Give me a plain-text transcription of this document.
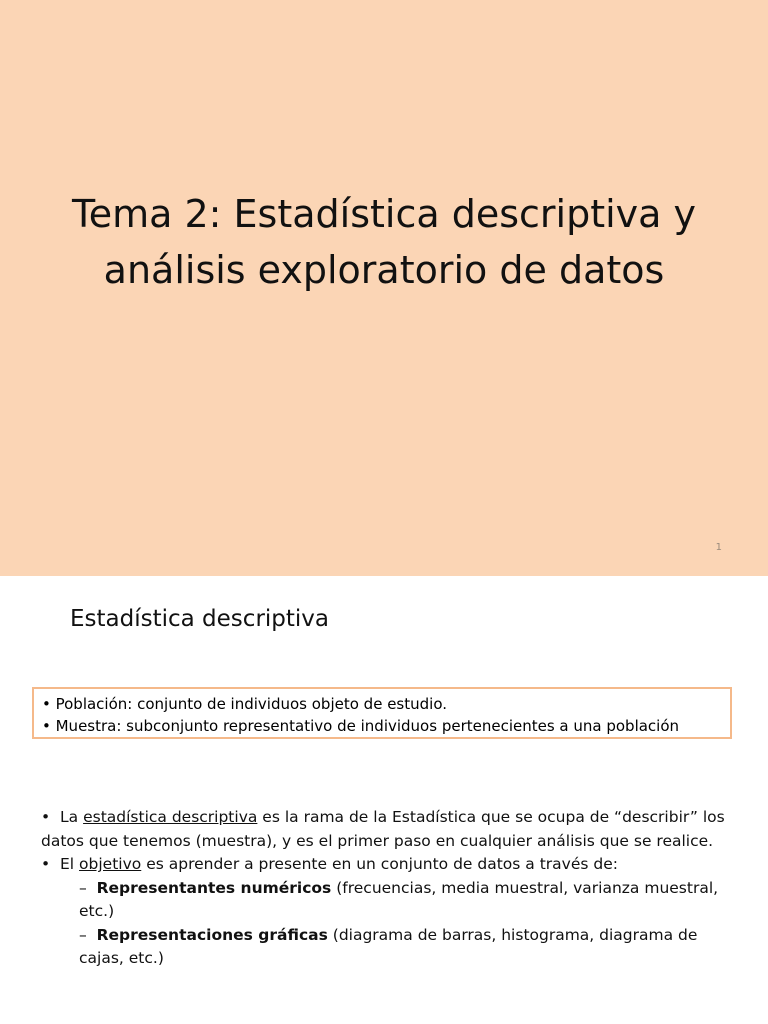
Tema 2: Estadística descriptiva y
análisis exploratorio de datos
1
Estadística descriptiva
• Población: conjunto de individuos objeto de estudio.
• Muestra: subconjunto representativo de individuos pertenecientes a una población
• La estadística descriptiva es la rama de la Estadística que se ocupa de “describir” los datos que tenemos (muestra), y es el primer paso en cualquier análisis que se realice.
• El objetivo es aprender a presente en un conjunto de datos a través de:
– Representantes numéricos (frecuencias, media muestral, varianza muestral, etc.)
– Representaciones gráficas (diagrama de barras, histograma, diagrama de cajas, etc.)
